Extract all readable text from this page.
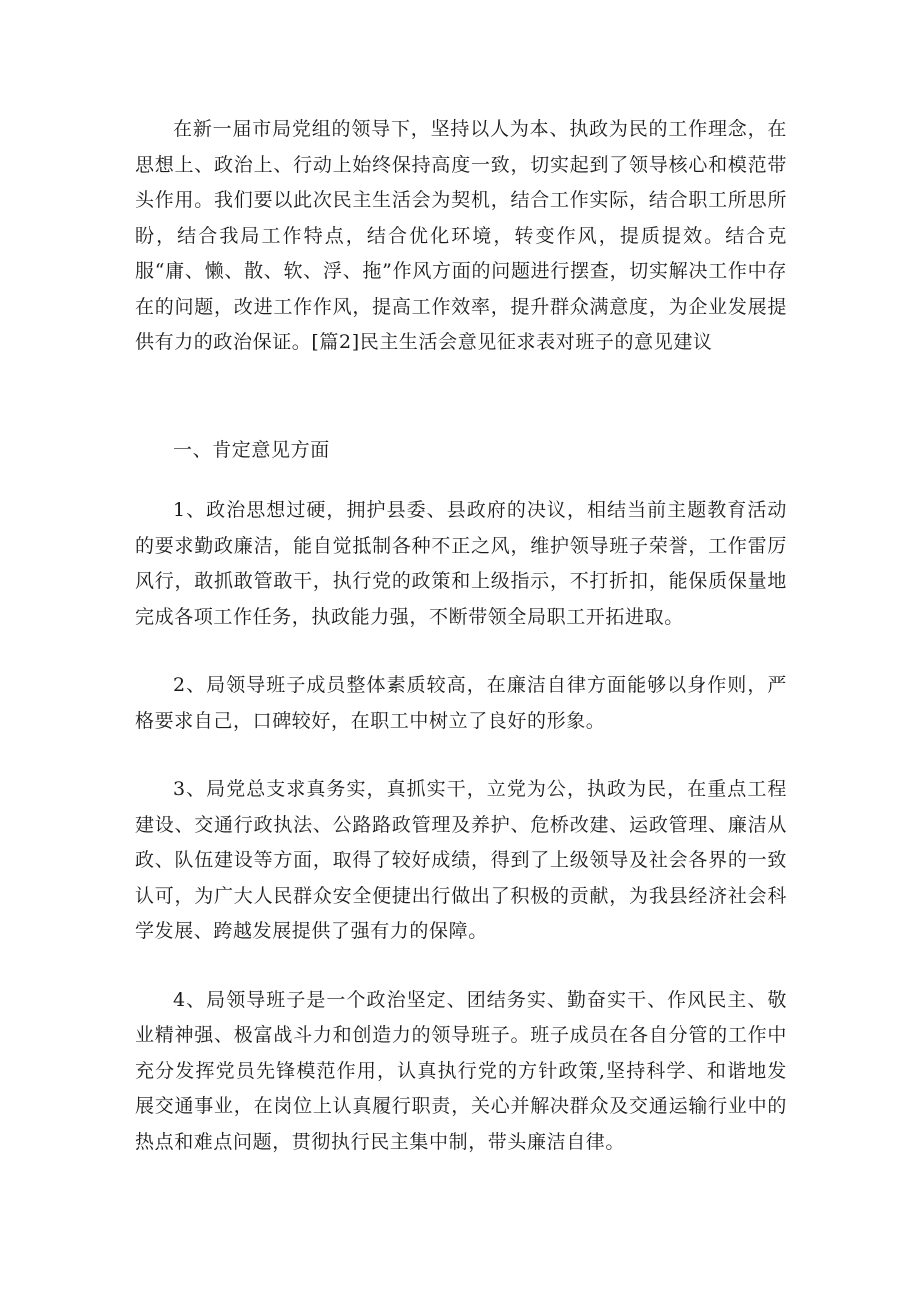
在新一届市局党组的领导下，坚持以人为本、执政为民的工作理念，在思想上、政治上、行动上始终保持高度一致，切实起到了领导核心和模范带头作用。我们要以此次民主生活会为契机，结合工作实际，结合职工所思所盼，结合我局工作特点，结合优化环境，转变作风，提质提效。结合克服“庸、懒、散、软、浮、拖”作风方面的问题进行摆查，切实解决工作中存在的问题，改进工作作风，提高工作效率，提升群众满意度，为企业发展提供有力的政治保证。[篇2]民主生活会意见征求表对班子的意见建议

一、肯定意见方面

1、政治思想过硬，拥护县委、县政府的决议，相结当前主题教育活动的要求勤政廉洁，能自觉抵制各种不正之风，维护领导班子荣誉，工作雷厉风行，敢抓敢管敢干，执行党的政策和上级指示，不打折扣，能保质保量地完成各项工作任务，执政能力强，不断带领全局职工开拓进取。

2、局领导班子成员整体素质较高，在廉洁自律方面能够以身作则，严格要求自己，口碑较好，在职工中树立了良好的形象。

3、局党总支求真务实，真抓实干，立党为公，执政为民，在重点工程建设、交通行政执法、公路路政管理及养护、危桥改建、运政管理、廉洁从政、队伍建设等方面，取得了较好成绩，得到了上级领导及社会各界的一致认可，为广大人民群众安全便捷出行做出了积极的贡献，为我县经济社会科学发展、跨越发展提供了强有力的保障。

4、局领导班子是一个政治坚定、团结务实、勤奋实干、作风民主、敬业精神强、极富战斗力和创造力的领导班子。班子成员在各自分管的工作中充分发挥党员先锋模范作用，认真执行党的方针政策,坚持科学、和谐地发展交通事业，在岗位上认真履行职责，关心并解决群众及交通运输行业中的热点和难点问题，贯彻执行民主集中制，带头廉洁自律。
